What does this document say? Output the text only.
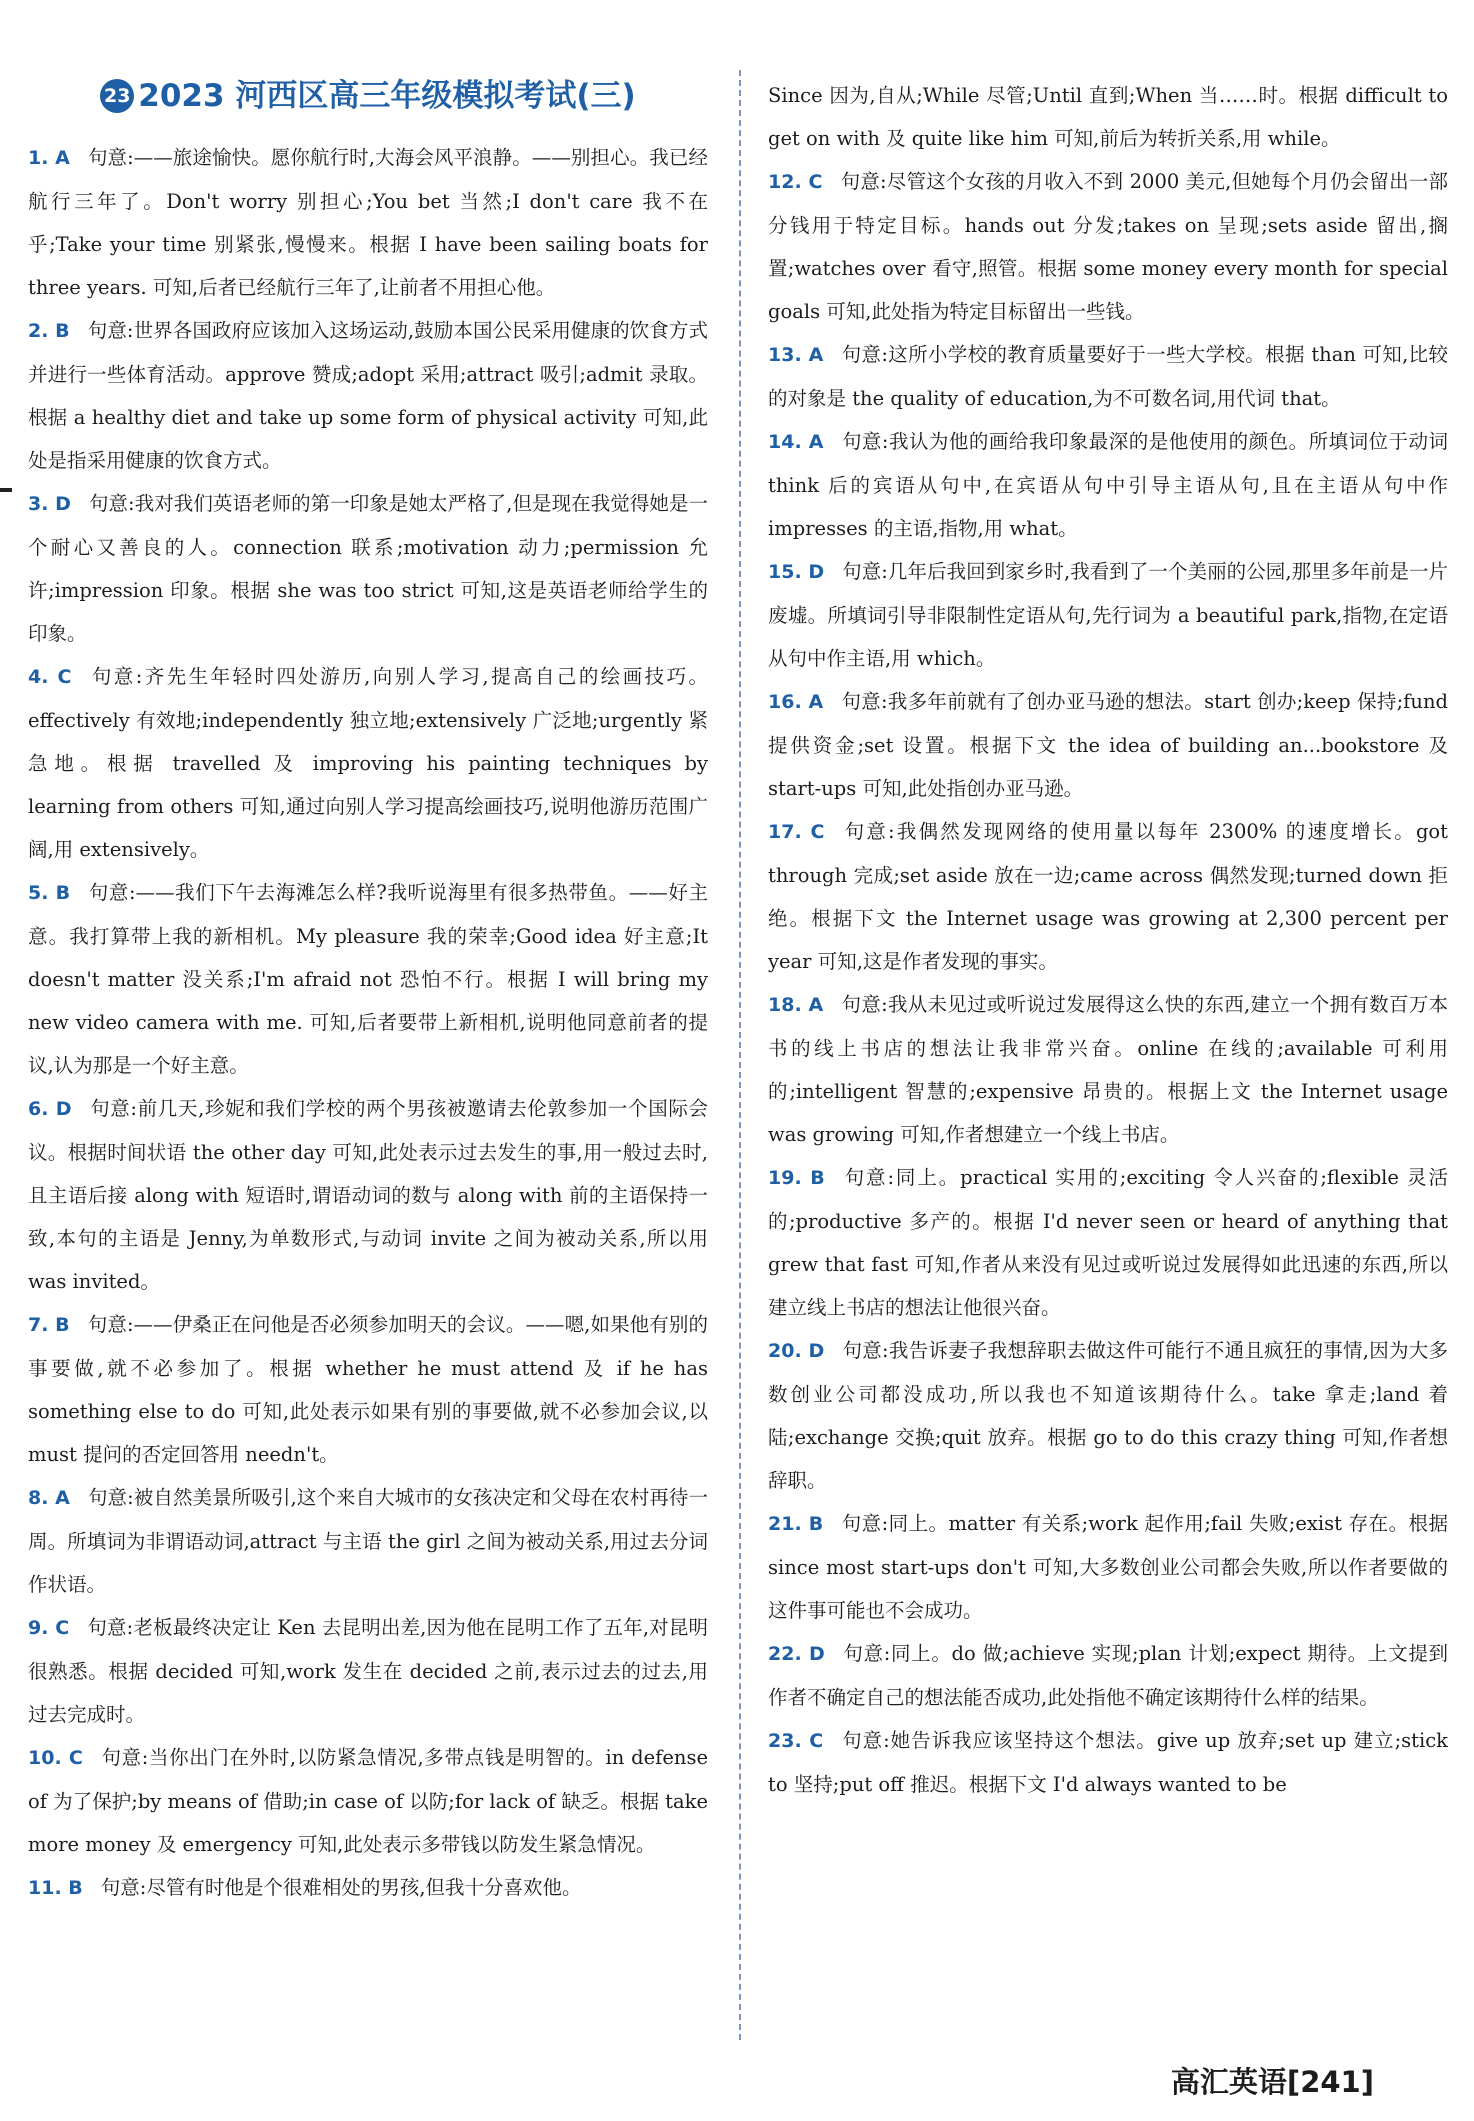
23 2023 河西区高三年级模拟考试(三)

1. A 句意:——旅途愉快。愿你航行时,大海会风平浪静。——别担心。我已经航行三年了。Don't worry 别担心;You bet 当然;I don't care 我不在乎;Take your time 别紧张,慢慢来。根据 I have been sailing boats for three years. 可知,后者已经航行三年了,让前者不用担心他。

2. B 句意:世界各国政府应该加入这场运动,鼓励本国公民采用健康的饮食方式并进行一些体育活动。approve 赞成;adopt 采用;attract 吸引;admit 录取。根据 a healthy diet and take up some form of physical activity 可知,此处是指采用健康的饮食方式。

3. D 句意:我对我们英语老师的第一印象是她太严格了,但是现在我觉得她是一个耐心又善良的人。connection 联系;motivation 动力;permission 允许;impression 印象。根据 she was too strict 可知,这是英语老师给学生的印象。

4. C 句意:齐先生年轻时四处游历,向别人学习,提高自己的绘画技巧。effectively 有效地;independently 独立地;extensively 广泛地;urgently 紧急地。根据 travelled 及 improving his painting techniques by learning from others 可知,通过向别人学习提高绘画技巧,说明他游历范围广阔,用 extensively。

5. B 句意:——我们下午去海滩怎么样?我听说海里有很多热带鱼。——好主意。我打算带上我的新相机。My pleasure 我的荣幸;Good idea 好主意;It doesn't matter 没关系;I'm afraid not 恐怕不行。根据 I will bring my new video camera with me. 可知,后者要带上新相机,说明他同意前者的提议,认为那是一个好主意。

6. D 句意:前几天,珍妮和我们学校的两个男孩被邀请去伦敦参加一个国际会议。根据时间状语 the other day 可知,此处表示过去发生的事,用一般过去时,且主语后接 along with 短语时,谓语动词的数与 along with 前的主语保持一致,本句的主语是 Jenny,为单数形式,与动词 invite 之间为被动关系,所以用 was invited。

7. B 句意:——伊桑正在问他是否必须参加明天的会议。——嗯,如果他有别的事要做,就不必参加了。根据 whether he must attend 及 if he has something else to do 可知,此处表示如果有别的事要做,就不必参加会议,以 must 提问的否定回答用 needn't。

8. A 句意:被自然美景所吸引,这个来自大城市的女孩决定和父母在农村再待一周。所填词为非谓语动词,attract 与主语 the girl 之间为被动关系,用过去分词作状语。

9. C 句意:老板最终决定让 Ken 去昆明出差,因为他在昆明工作了五年,对昆明很熟悉。根据 decided 可知,work 发生在 decided 之前,表示过去的过去,用过去完成时。

10. C 句意:当你出门在外时,以防紧急情况,多带点钱是明智的。in defense of 为了保护;by means of 借助;in case of 以防;for lack of 缺乏。根据 take more money 及 emergency 可知,此处表示多带钱以防发生紧急情况。

11. B 句意:尽管有时他是个很难相处的男孩,但我十分喜欢他。

Since 因为,自从;While 尽管;Until 直到;When 当……时。根据 difficult to get on with 及 quite like him 可知,前后为转折关系,用 while。

12. C 句意:尽管这个女孩的月收入不到 2000 美元,但她每个月仍会留出一部分钱用于特定目标。hands out 分发;takes on 呈现;sets aside 留出,搁置;watches over 看守,照管。根据 some money every month for special goals 可知,此处指为特定目标留出一些钱。

13. A 句意:这所小学校的教育质量要好于一些大学校。根据 than 可知,比较的对象是 the quality of education,为不可数名词,用代词 that。

14. A 句意:我认为他的画给我印象最深的是他使用的颜色。所填词位于动词 think 后的宾语从句中,在宾语从句中引导主语从句,且在主语从句中作 impresses 的主语,指物,用 what。

15. D 句意:几年后我回到家乡时,我看到了一个美丽的公园,那里多年前是一片废墟。所填词引导非限制性定语从句,先行词为 a beautiful park,指物,在定语从句中作主语,用 which。

16. A 句意:我多年前就有了创办亚马逊的想法。start 创办;keep 保持;fund 提供资金;set 设置。根据下文 the idea of building an...bookstore 及 start-ups 可知,此处指创办亚马逊。

17. C 句意:我偶然发现网络的使用量以每年 2300% 的速度增长。got through 完成;set aside 放在一边;came across 偶然发现;turned down 拒绝。根据下文 the Internet usage was growing at 2,300 percent per year 可知,这是作者发现的事实。

18. A 句意:我从未见过或听说过发展得这么快的东西,建立一个拥有数百万本书的线上书店的想法让我非常兴奋。online 在线的;available 可利用的;intelligent 智慧的;expensive 昂贵的。根据上文 the Internet usage was growing 可知,作者想建立一个线上书店。

19. B 句意:同上。practical 实用的;exciting 令人兴奋的;flexible 灵活的;productive 多产的。根据 I'd never seen or heard of anything that grew that fast 可知,作者从来没有见过或听说过发展得如此迅速的东西,所以建立线上书店的想法让他很兴奋。

20. D 句意:我告诉妻子我想辞职去做这件可能行不通且疯狂的事情,因为大多数创业公司都没成功,所以我也不知道该期待什么。take 拿走;land 着陆;exchange 交换;quit 放弃。根据 go to do this crazy thing 可知,作者想辞职。

21. B 句意:同上。matter 有关系;work 起作用;fail 失败;exist 存在。根据 since most start-ups don't 可知,大多数创业公司都会失败,所以作者要做的这件事可能也不会成功。

22. D 句意:同上。do 做;achieve 实现;plan 计划;expect 期待。上文提到作者不确定自己的想法能否成功,此处指他不确定该期待什么样的结果。

23. C 句意:她告诉我应该坚持这个想法。give up 放弃;set up 建立;stick to 坚持;put off 推迟。根据下文 I'd always wanted to be

高汇英语[241]
